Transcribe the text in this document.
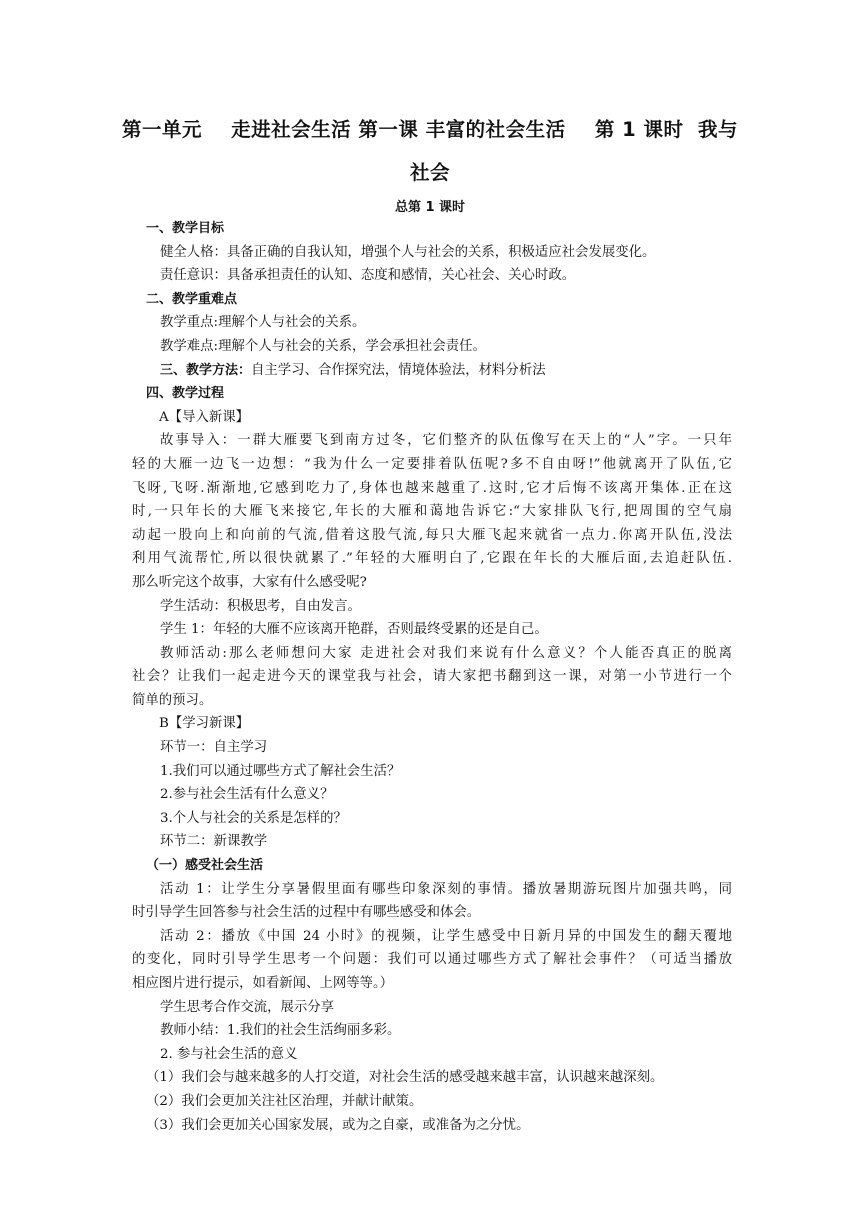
第一单元    走进社会生活 第一课 丰富的社会生活    第 1 课时  我与
社会
总第 1 课时

一、教学目标

健全人格：具备正确的自我认知，增强个人与社会的关系，积极适应社会发展变化。

责任意识：具备承担责任的认知、态度和感情，关心社会、关心时政。

二、教学重难点

教学重点:理解个人与社会的关系。

教学难点:理解个人与社会的关系，学会承担社会责任。

三、教学方法：自主学习、合作探究法，情境体验法，材料分析法

四、教学过程

A【导入新课】

故事导入：一群大雁要飞到南方过冬，它们整齐的队伍像写在天上的“人”字。一只年

轻的大雁一边飞一边想：“我为什么一定要排着队伍呢?多不自由呀!”他就离开了队伍,它

飞呀,飞呀.渐渐地,它感到吃力了,身体也越来越重了.这时,它才后悔不该离开集体.正在这

时,一只年长的大雁飞来接它,年长的大雁和蔼地告诉它:“大家排队飞行,把周围的空气扇

动起一股向上和向前的气流,借着这股气流,每只大雁飞起来就省一点力.你离开队伍,没法

利用气流帮忙,所以很快就累了.”年轻的大雁明白了,它跟在年长的大雁后面,去追赶队伍.

那么听完这个故事，大家有什么感受呢?

学生活动：积极思考，自由发言。

学生 1：年轻的大雁不应该离开艳群，否则最终受累的还是自己。

教师活动:那么老师想问大家 走进社会对我们来说有什么意义？个人能否真正的脱离

社会？让我们一起走进今天的课堂我与社会，请大家把书翻到这一课，对第一小节进行一个

简单的预习。

B【学习新课】

环节一：自主学习

1.我们可以通过哪些方式了解社会生活？

2.参与社会生活有什么意义？

3.个人与社会的关系是怎样的？

环节二：新课教学

（一）感受社会生活

活动 1：让学生分享暑假里面有哪些印象深刻的事情。播放暑期游玩图片加强共鸣，同

时引导学生回答参与社会生活的过程中有哪些感受和体会。

活动 2：播放《中国 24 小时》的视频，让学生感受中日新月异的中国发生的翻天覆地

的变化，同时引导学生思考一个问题：我们可以通过哪些方式了解社会事件？（可适当播放

相应图片进行提示，如看新闻、上网等等。）

学生思考合作交流，展示分享

教师小结：1.我们的社会生活绚丽多彩。

2. 参与社会生活的意义

（1）我们会与越来越多的人打交道，对社会生活的感受越来越丰富，认识越来越深刻。

（2）我们会更加关注社区治理，并献计献策。

（3）我们会更加关心国家发展，或为之自豪，或准备为之分忧。
